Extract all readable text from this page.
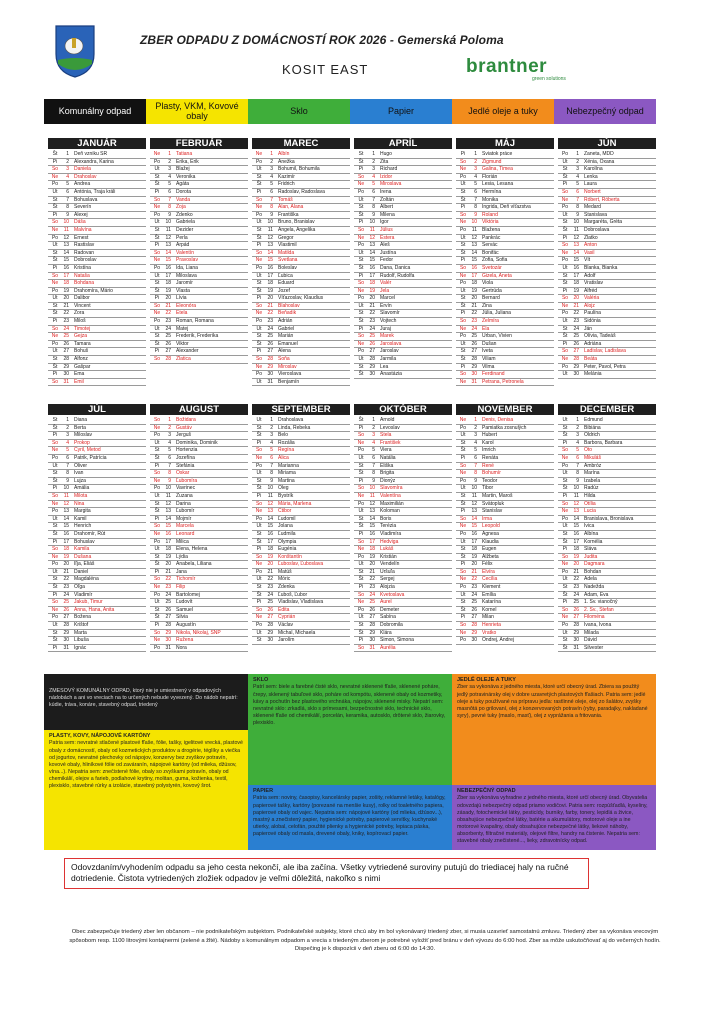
ZBER ODPADU Z DOMÁCNOSTÍ ROK 2026 - Gemerská Poloma
KOSIT EAST	brantner
green solutions
Komunálny odpad	Plasty, VKM, Kovové obaly	Sklo	Papier	Jedlé oleje a tuky	Nebezpečný odpad
JANUÁR
Št	1	Deň vzniku SR
Pi	2	Alexandra, Karina
So	3	Daniela
Ne	4	Drahoslav
Po	5	Andrea
Ut	6	Antónia, Traja králi
St	7	Bohuslava
Št	8	Severín
Pi	9	Alexej
So	10	Dáša
Ne	11	Malvína
Po	12	Ernest
Ut	13	Rastislav
St	14	Radovan
Št	15	Dobroslav
Pi	16	Kristína
So	17	Nataša
Ne	18	Bohdana
Po	19	Drahomíra, Mário
Ut	20	Dalibor
St	21	Vincent
Št	22	Zora
Pi	23	Miloš
So	24	Timotej
Ne	25	Gejza
Po	26	Tamara
Ut	27	Bohuš
St	28	Alfonz
Št	29	Gašpar
Pi	30	Ema
So	31	Emil
FEBRUÁR
Ne	1	Tatiana
Po	2	Erika, Erik
Ut	3	Blažej
St	4	Veronika
Št	5	Agáta
Pi	6	Dorota
So	7	Vanda
Ne	8	Zoja
Po	9	Zdenko
Ut	10	Gabriela
St	11	Dezider
Št	12	Perla
Pi	13	Arpád
So	14	Valentín
Ne	15	Pravoslav
Po	16	Ida, Liana
Ut	17	Miloslava
St	18	Jaromír
Št	19	Vlasta
Pi	20	Lívia
So	21	Eleonóra
Ne	22	Etela
Po	23	Roman, Romana
Ut	24	Matej
St	25	Frederik, Frederika
Št	26	Viktor
Pi	27	Alexander
So	28	Zlatica
MAREC
Ne	1	Albín
Po	2	Anežka
Ut	3	Bohumil, Bohumila
St	4	Kazimír
Št	5	Fridrich
Pi	6	Radoslav, Radoslava
So	7	Tomáš
Ne	8	Alan, Alana
Po	9	Františka
Ut	10	Bruno, Branislav
St	11	Angela, Angelika
Št	12	Gregor
Pi	13	Vlastimil
So	14	Matilda
Ne	15	Svetlana
Po	16	Boleslav
Ut	17	Ľubica
St	18	Eduard
Št	19	Jozef
Pi	20	Víťazoslav, Klaudius
So	21	Blahoslav
Ne	22	Beňadik
Po	23	Adrián
Ut	24	Gabriel
St	25	Marián
Št	26	Emanuel
Pi	27	Alena
So	28	Soňa
Ne	29	Miroslav
Po	30	Vieroslava
Ut	31	Benjamín
APRÍL
St	1	Hugo
Št	2	Zita
Pi	3	Richard
So	4	Izidor
Ne	5	Miroslava
Po	6	Irena
Ut	7	Zoltán
St	8	Albert
Št	9	Milena
Pi	10	Igor
So	11	Július
Ne	12	Estera
Po	13	Aleš
Ut	14	Justína
St	15	Fedor
Št	16	Dana, Danica
Pi	17	Rudolf, Rudolfa
So	18	Valér
Ne	19	Jela
Po	20	Marcel
Ut	21	Ervín
St	22	Slavomír
Št	23	Vojtech
Pi	24	Juraj
So	25	Marek
Ne	26	Jaroslava
Po	27	Jaroslav
Ut	28	Jarmila
St	29	Lea
Št	30	Anastázia
MÁJ
Pi	1	Sviatok práce
So	2	Žigmund
Ne	3	Galina, Timea
Po	4	Florián
Ut	5	Lesia, Lesana
St	6	Hermína
Št	7	Monika
Pi	8	Ingrida, Deň víťazstva
So	9	Roland
Ne	10	Viktória
Po	11	Blažena
Ut	12	Pankrác
St	13	Servác
Št	14	Bonifác
Pi	15	Žofia, Sofia
So	16	Svetozár
Ne	17	Gizela, Aneta
Po	18	Viola
Ut	19	Gertrúda
St	20	Bernard
Št	21	Zina
Pi	22	Júlia, Juliana
So	23	Želmíra
Ne	24	Ela
Po	25	Urban, Vivien
Ut	26	Dušan
St	27	Iveta
Št	28	Viliam
Pi	29	Vilma
So	30	Ferdinand
Ne	31	Petrana, Petronela
JÚN
Po	1	Žaneta, MDD
Ut	2	Xénia, Oxana
St	3	Karolína
Št	4	Lenka
Pi	5	Laura
So	6	Norbert
Ne	7	Róbert, Róberta
Po	8	Medard
Ut	9	Stanislava
St	10	Margaréta, Gréta
Št	11	Dobroslava
Pi	12	Zlatko
So	13	Anton
Ne	14	Vasil
Po	15	Vít
Ut	16	Blanka, Bianka
St	17	Adolf
Št	18	Vratislav
Pi	19	Alfréd
So	20	Valéria
Ne	21	Alojz
Po	22	Paulína
Ut	23	Sidónia
St	24	Ján
Št	25	Olívia, Tadeáš
Pi	26	Adriána
So	27	Ladislav, Ladislava
Ne	28	Beáta
Po	29	Peter, Pavol, Petra
Ut	30	Melánia
JÚL
St	1	Diana
Št	2	Berta
Pi	3	Miloslav
So	4	Prokop
Ne	5	Cyril, Metod
Po	6	Patrik, Patrícia
Ut	7	Oliver
St	8	Ivan
Št	9	Lujza
Pi	10	Amália
So	11	Milota
Ne	12	Nina
Po	13	Margita
Ut	14	Kamil
St	15	Henrich
Št	16	Drahomír, Rút
Pi	17	Bohuslav
So	18	Kamila
Ne	19	Dušana
Po	20	Iľja, Eliáš
Ut	21	Daniel
St	22	Magdaléna
Št	23	Oľga
Pi	24	Vladimír
So	25	Jakub, Timur
Ne	26	Anna, Hana, Anita
Po	27	Božena
Ut	28	Krištof
St	29	Marta
Št	30	Libuša
Pi	31	Ignác
AUGUST
So	1	Božidara
Ne	2	Gustáv
Po	3	Jerguš
Ut	4	Dominika, Dominik
St	5	Hortenzia
Št	6	Jozefína
Pi	7	Štefánia
So	8	Oskar
Ne	9	Ľubomíra
Po	10	Vavrinec
Ut	11	Zuzana
St	12	Darina
Št	13	Ľubomír
Pi	14	Mojmír
So	15	Marcela
Ne	16	Leonard
Po	17	Milica
Ut	18	Elena, Helena
St	19	Lýdia
Št	20	Anabela, Liliana
Pi	21	Jana
So	22	Tichomír
Ne	23	Filip
Po	24	Bartolomej
Ut	25	Ľudovít
St	26	Samuel
Št	27	Silvia
Pi	28	Augustín
So	29	Nikola, Nikolaj, SNP
Ne	30	Ružena
Po	31	Nora
SEPTEMBER
Ut	1	Drahoslava
St	2	Linda, Rebeka
Št	3	Belo
Pi	4	Rozália
So	5	Regína
Ne	6	Alica
Po	7	Marianna
Ut	8	Miriama
St	9	Martina
Št	10	Oleg
Pi	11	Bystrík
So	12	Mária, Marlena
Ne	13	Ctibor
Po	14	Ľudomil
Ut	15	Jolana
St	16	Ľudmila
Št	17	Olympia
Pi	18	Eugénia
So	19	Konštantín
Ne	20	Ľuboslav, Ľuboslava
Po	21	Matúš
Ut	22	Móric
St	23	Zdenka
Št	24	Ľuboš, Ľubor
Pi	25	Vladislav, Vladislava
So	26	Edita
Ne	27	Cyprián
Po	28	Václav
Ut	29	Michal, Michaela
St	30	Jarolím
OKTÓBER
Št	1	Arnold
Pi	2	Levoslav
So	3	Stela
Ne	4	František
Po	5	Viera
Ut	6	Natália
St	7	Eliška
Št	8	Brigita
Pi	9	Dionýz
So	10	Slavomíra
Ne	11	Valentína
Po	12	Maximilián
Ut	13	Koloman
St	14	Boris
Št	15	Terézia
Pi	16	Vladimíra
So	17	Hedviga
Ne	18	Lukáš
Po	19	Kristián
Ut	20	Vendelín
St	21	Uršuľa
Št	22	Sergej
Pi	23	Alojzia
So	24	Kvetoslava
Ne	25	Aurel
Po	26	Demeter
Ut	27	Sabína
St	28	Dobromila
Št	29	Klára
Pi	30	Simon, Simona
So	31	Aurélia
NOVEMBER
Ne	1	Denis, Denisa
Po	2	Pamiatka zosnulých
Ut	3	Hubert
St	4	Karol
Št	5	Imrich
Pi	6	Renáta
So	7	René
Ne	8	Bohumír
Po	9	Teodor
Ut	10	Tibor
St	11	Martin, Maroš
Št	12	Svätopluk
Pi	13	Stanislav
So	14	Irma
Ne	15	Leopold
Po	16	Agnesa
Ut	17	Klaudia
St	18	Eugen
Št	19	Alžbeta
Pi	20	Félix
So	21	Elvíra
Ne	22	Cecília
Po	23	Klement
Ut	24	Emília
St	25	Katarína
Št	26	Kornel
Pi	27	Milan
So	28	Henrieta
Ne	29	Vratko
Po	30	Ondrej, Andrej
DECEMBER
Ut	1	Edmund
St	2	Bibiána
Št	3	Oldrich
Pi	4	Barbora, Barbara
So	5	Oto
Ne	6	Mikuláš
Po	7	Ambróz
Ut	8	Marína
St	9	Izabela
Št	10	Radúz
Pi	11	Hilda
So	12	Otília
Ne	13	Lucia
Po	14	Branislava, Bronislava
Ut	15	Ivica
St	16	Albína
Št	17	Kornélia
Pi	18	Sláva
So	19	Judita
Ne	20	Dagmara
Po	21	Bohdan
Ut	22	Adela
St	23	Nadežda
Št	24	Adam, Eva
Pi	25	1. Sv. vianočný
So	26	2. Sv., Štefan
Ne	27	Filoména
Po	28	Ivana, Ivona
Ut	29	Milada
St	30	Dávid
Št	31	Silvester
ZMESOVÝ KOMUNÁLNY ODPAD, ktorý nie je umiestnený v odpadových nádobách a ani vo vreciach na to určených nebude vyvezený. Do nádob nepatrí: kúdie, tráva, konáre, stavebný odpad, triedený
SKLO
Patrí sem: biele a farebné čisté sklo, nevratné sklenené fľaše, sklenené poháre, črepy, sklenený tabuľové sklo, poháre od kompótu, sklenené obaly od kozmetiky, kávy a pochutín bez plastového vrchnáka, nápojov, sklenené misky. Nepatrí sem: nevratné sklo: zrkadlá, sklo s prímesami, bezpečnostné sklo, technické sklo, sklenené fľaše od chemikálií, porcelán, keramika, autosklo, drôtené sklo, žiarovky, plexisklo.
JEDLÉ OLEJE A TUKY
Zber sa vykonáva z jedného miesta, ktoré určí obecný úrad. Zbiera sa použitý jedlý potravinársky olej v dobre uzavretých plastových fľašiach. Patria sem: jedlé oleje a tuky používané na prípravu jedla: rastlinné oleje, olej zo šalátov, zvyšky masnôtá po grilovaní, olej z konzervovaných potravín (ryby, paradajky, nakladané syry), pevné tuky (maslo, masť), olej z vyprážania a fritovania.
PLASTY, KOVY, NÁPOJOVÉ KARTÓNY
Patria sem: nevratné stlačené plastové fľaše, fólie, tašky, igelitové vrecká, plastové obaly z domácností, obaly od kozmetických produktov a drogérie, téglíky a viečka od jogurtov, nevratné plechovky od nápojov, konzervy bez zvyškov potravín, kovové obaly, hliníkové fólie od zaváranín, nápojové kartóny (od mlieka, džúsov, vína...). Nepatria sem: znečistené fólie, obaly so zvyškami potravín, obaly od chemikálií, olejov a farieb, podlahové krytiny, molitan, guma, kožienka, textil, plexisklo, stavebné rúrky a izolácie, stavebný polystyrén, kovový šrot.
PAPIER
Patria sem: noviny, časopisy, kancelársky papier, zošity, reklamné letáky, katalógy, papierové tašky, kartóny (porezané na menšie kusy), rolky od toaletného papiera, papierové obaly od vajec. Nepatria sem: nápojové kartóny (od mlieka, džúsov...), mastný a znečistený papier, hygienické potreby, papierové servítky, kuchynské utierky, alobal, celofán, použité plienky a hygienické potreby, lepiaca páska, papierové obaly od masla, drevené obaly, kniky, kopírovací papier.
NEBEZPEČNÝ ODPAD
Zber sa vykonáva vyhradne z jedného miesta, ktoré určí obecný úrad. Obyvatelia odovzdajú nebezpečný odpad priamo vodičovi. Patria sem: rozpúšťadlá, kyseliny, zásady, fotochemické látky, pesticídy, burniky, farby, tonery, lepidlá a živice, obsahujúce nebezpečné látky, batérie a akumulátory, motorové oleje a ine motorové kvapaliny, obaly obsahujúce nebezpečné látky, liekové náhoby, absorbenty, filtračné materiály, olejové filtre, handry na čistenie. Nepatria sem: stavebné obaly znečistené..., lieky, zdravotnícky odpad.
Odovzdaním/vyhodením odpadu sa jeho cesta nekončí, ale iba začína. Všetky vytriedené suroviny putujú do triediacej haly na ručné dotriedenie. Čistota vytriedených zložiek odpadov je veľmi dôležitá, nakoľko s nimi
Obec zabezpečuje triedený zber len občanom – nie podnikateľským subjektom. Podnikateľské subjekty, ktoré chcú aby im bol vykonávaný triedený zber, si musia uzavrieť samostatnú zmluvu. Triedený zber sa vykonáva vrecovým spôsobom resp. 1100 litrovými kontajnermi (zelené a žlté). Nádoby s komunálnym odpadom a vrecia s triedeným zberom je potrebné vyložiť pred bránu v deň vývozu do 6:00 hod. Zber sa môže uskutočňovať aj do večerných hodín. Dispečing je k dispozícii v deň zberu od 6:00 do 14:30.
